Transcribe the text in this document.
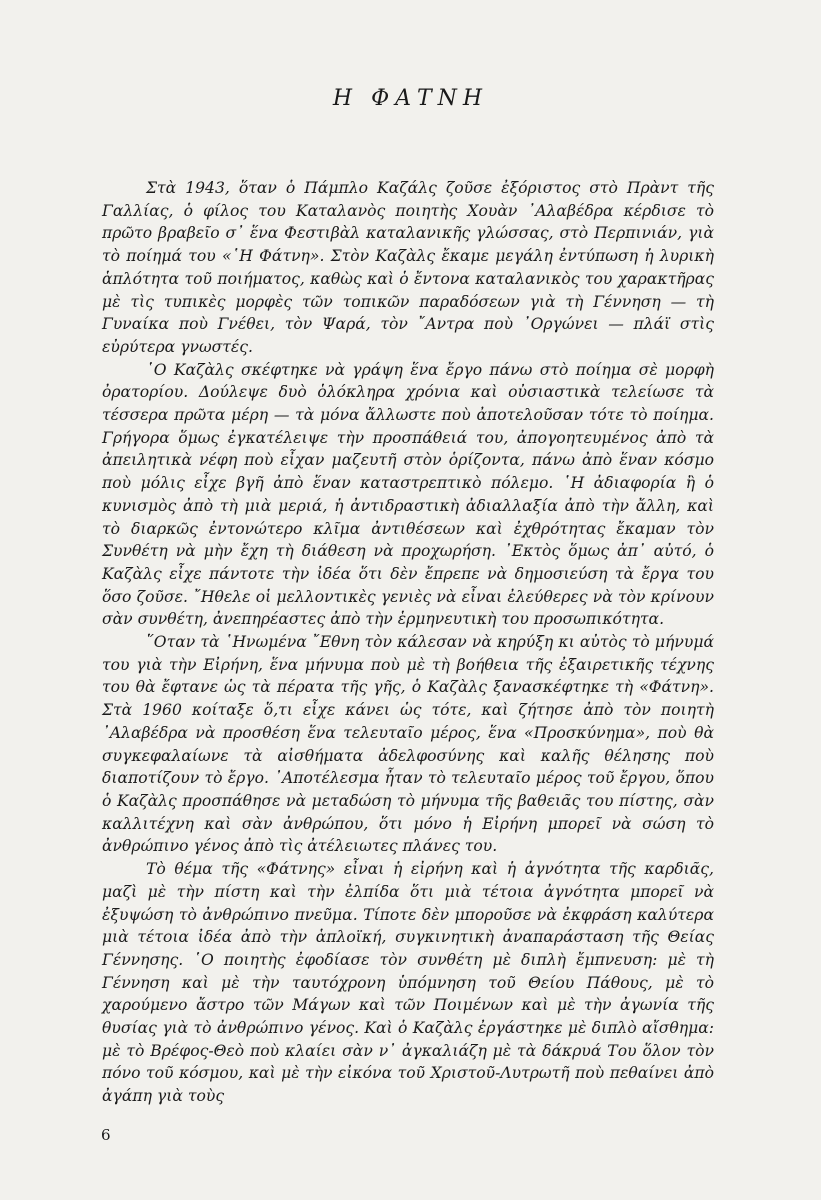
Η ΦΑΤΝΗ

Στὰ 1943, ὅταν ὁ Πάμπλο Καζάλς ζοῦσε ἐξόριστος στὸ Πρὰντ τῆς Γαλλίας, ὁ φίλος του Καταλανὸς ποιητὴς Χουὰν ᾿Αλαβέδρα κέρδισε τὸ πρῶτο βραβεῖο σ᾿ ἕνα Φεστιβὰλ καταλανικῆς γλώσσας, στὸ Περπινιάν, γιὰ τὸ ποίημά του «῾Η Φάτνη». Στὸν Καζὰλς ἔκαμε μεγάλη ἐντύπωση ἡ λυρικὴ ἁπλότητα τοῦ ποιήματος, καθὼς καὶ ὁ ἔντονα καταλανικὸς του χαρακτῆρας μὲ τὶς τυπικὲς μορφὲς τῶν τοπικῶν παραδόσεων γιὰ τὴ Γέννηση — τὴ Γυναίκα ποὺ Γνέθει, τὸν Ψαρά, τὸν ῎Αντρα ποὺ ᾿Οργώνει — πλάϊ στὶς εὐρύτερα γνωστές.

῾Ο Καζὰλς σκέφτηκε νὰ γράψη ἕνα ἔργο πάνω στὸ ποίημα σὲ μορφὴ ὀρατορίου. Δούλεψε δυὸ ὁλόκληρα χρόνια καὶ οὐσιαστικὰ τελείωσε τὰ τέσσερα πρῶτα μέρη — τὰ μόνα ἄλλωστε ποὺ ἀποτελοῦσαν τότε τὸ ποίημα. Γρήγορα ὅμως ἐγκατέλειψε τὴν προσπάθειά του, ἀπογοητευμένος ἀπὸ τὰ ἀπειλητικὰ νέφη ποὺ εἶχαν μαζευτῆ στὸν ὁρίζοντα, πάνω ἀπὸ ἕναν κόσμο ποὺ μόλις εἶχε βγῆ ἀπὸ ἕναν καταστρεπτικὸ πόλεμο. ῾Η ἀδιαφορία ἢ ὁ κυνισμὸς ἀπὸ τὴ μιὰ μεριά, ἡ ἀντιδραστικὴ ἀδιαλλαξία ἀπὸ τὴν ἄλλη, καὶ τὸ διαρκῶς ἐντονώτερο κλῖμα ἀντιθέσεων καὶ ἐχθρότητας ἔκαμαν τὸν Συνθέτη νὰ μὴν ἔχη τὴ διάθεση νὰ προχωρήση. ᾿Εκτὸς ὅμως ἀπ᾿ αὐτό, ὁ Καζὰλς εἶχε πάντοτε τὴν ἰδέα ὅτι δὲν ἔπρεπε νὰ δημοσιεύση τὰ ἔργα του ὅσο ζοῦσε. ῎Ηθελε οἱ μελλοντικὲς γενιὲς νὰ εἶναι ἐλεύθερες νὰ τὸν κρίνουν σὰν συνθέτη, ἀνεπηρέαστες ἀπὸ τὴν ἑρμηνευτικὴ του προσωπικότητα.

῞Οταν τὰ ῾Ηνωμένα ῎Εθνη τὸν κάλεσαν νὰ κηρύξη κι αὐτὸς τὸ μήνυμά του γιὰ τὴν Εἰρήνη, ἕνα μήνυμα ποὺ μὲ τὴ βοήθεια τῆς ἐξαιρετικῆς τέχνης του θὰ ἔφτανε ὡς τὰ πέρατα τῆς γῆς, ὁ Καζὰλς ξανασκέφτηκε τὴ «Φάτνη». Στὰ 1960 κοίταξε ὅ,τι εἶχε κάνει ὡς τότε, καὶ ζήτησε ἀπὸ τὸν ποιητὴ ᾿Αλαβέδρα νὰ προσθέση ἕνα τελευταῖο μέρος, ἕνα «Προσκύνημα», ποὺ θὰ συγκεφαλαίωνε τὰ αἰσθήματα ἀδελφοσύνης καὶ καλῆς θέλησης ποὺ διαποτίζουν τὸ ἔργο. ᾿Αποτέλεσμα ἦταν τὸ τελευταῖο μέρος τοῦ ἔργου, ὅπου ὁ Καζὰλς προσπάθησε νὰ μεταδώση τὸ μήνυμα τῆς βαθειᾶς του πίστης, σὰν καλλιτέχνη καὶ σὰν ἀνθρώπου, ὅτι μόνο ἡ Εἰρήνη μπορεῖ νὰ σώση τὸ ἀνθρώπινο γένος ἀπὸ τὶς ἀτέλειωτες πλάνες του.

Τὸ θέμα τῆς «Φάτνης» εἶναι ἡ εἰρήνη καὶ ἡ ἀγνότητα τῆς καρδιᾶς, μαζὶ μὲ τὴν πίστη καὶ τὴν ἐλπίδα ὅτι μιὰ τέτοια ἀγνότητα μπορεῖ νὰ ἐξυψώση τὸ ἀνθρώπινο πνεῦμα. Τίποτε δὲν μποροῦσε νὰ ἐκφράση καλύτερα μιὰ τέτοια ἰδέα ἀπὸ τὴν ἁπλοϊκή, συγκινητικὴ ἀναπαράσταση τῆς Θείας Γέννησης. ῾Ο ποιητὴς ἐφοδίασε τὸν συνθέτη μὲ διπλὴ ἔμπνευση: μὲ τὴ Γέννηση καὶ μὲ τὴν ταυτόχρονη ὑπόμνηση τοῦ Θείου Πάθους, μὲ τὸ χαρούμενο ἄστρο τῶν Μάγων καὶ τῶν Ποιμένων καὶ μὲ τὴν ἀγωνία τῆς θυσίας γιὰ τὸ ἀνθρώπινο γένος. Καὶ ὁ Καζὰλς ἐργάστηκε μὲ διπλὸ αἴσθημα: μὲ τὸ Βρέφος-Θεὸ ποὺ κλαίει σὰν ν᾿ ἀγκαλιάζη μὲ τὰ δάκρυά Του ὅλον τὸν πόνο τοῦ κόσμου, καὶ μὲ τὴν εἰκόνα τοῦ Χριστοῦ-Λυτρωτῆ ποὺ πεθαίνει ἀπὸ ἀγάπη γιὰ τοὺς

6
